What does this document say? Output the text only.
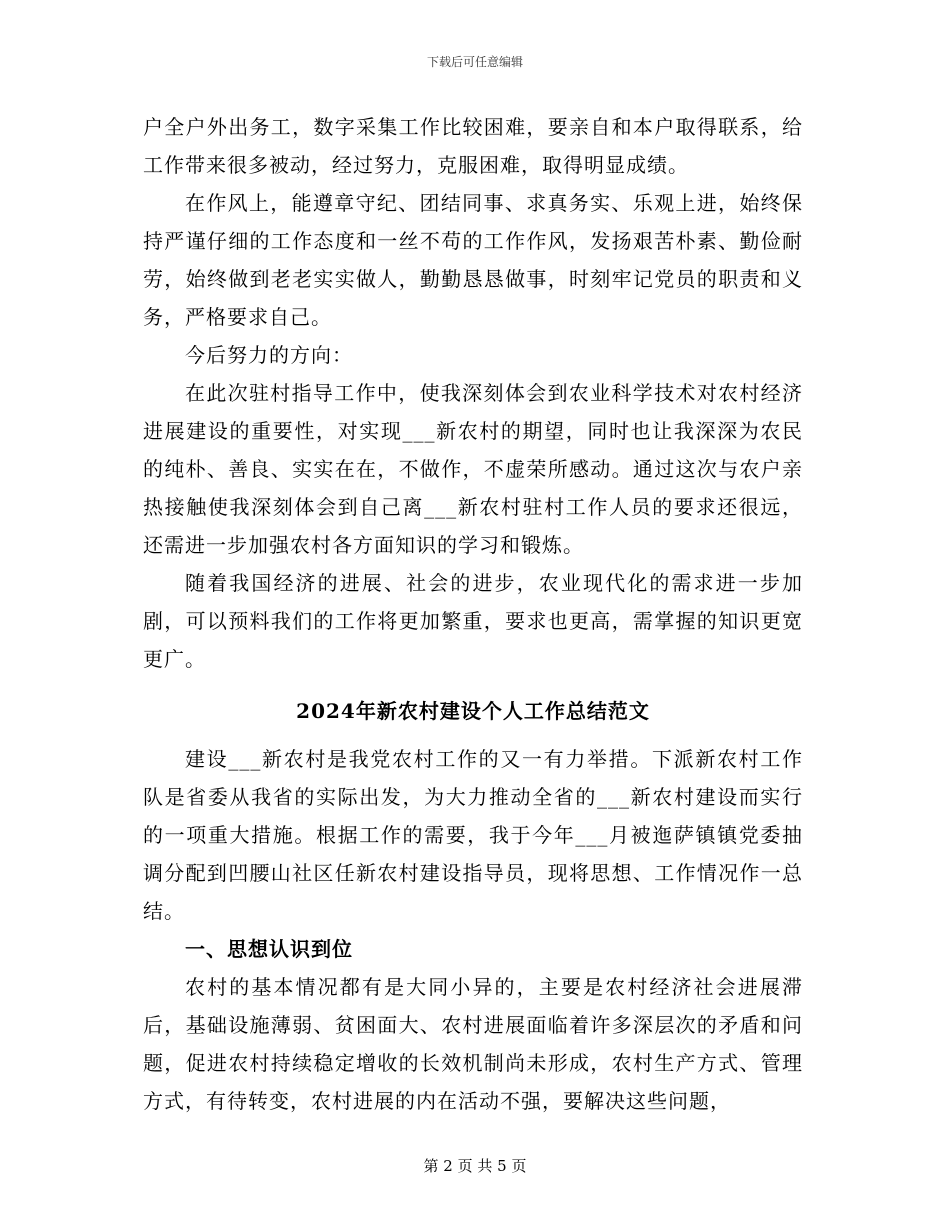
下载后可任意编辑

户全户外出务工，数字采集工作比较困难，要亲自和本户取得联系，给工作带来很多被动，经过努力，克服困难，取得明显成绩。

在作风上，能遵章守纪、团结同事、求真务实、乐观上进，始终保持严谨仔细的工作态度和一丝不苟的工作作风，发扬艰苦朴素、勤俭耐劳，始终做到老老实实做人，勤勤恳恳做事，时刻牢记党员的职责和义务，严格要求自己。

今后努力的方向：

在此次驻村指导工作中，使我深刻体会到农业科学技术对农村经济进展建设的重要性，对实现___新农村的期望，同时也让我深深为农民的纯朴、善良、实实在在，不做作，不虚荣所感动。通过这次与农户亲热接触使我深刻体会到自己离___新农村驻村工作人员的要求还很远，还需进一步加强农村各方面知识的学习和锻炼。

随着我国经济的进展、社会的进步，农业现代化的需求进一步加剧，可以预料我们的工作将更加繁重，要求也更高，需掌握的知识更宽更广。

2024年新农村建设个人工作总结范文

建设___新农村是我党农村工作的又一有力举措。下派新农村工作队是省委从我省的实际出发，为大力推动全省的___新农村建设而实行的一项重大措施。根据工作的需要，我于今年___月被迤萨镇镇党委抽调分配到凹腰山社区任新农村建设指导员，现将思想、工作情况作一总结。

一、思想认识到位

农村的基本情况都有是大同小异的，主要是农村经济社会进展滞后，基础设施薄弱、贫困面大、农村进展面临着许多深层次的矛盾和问题，促进农村持续稳定增收的长效机制尚未形成，农村生产方式、管理方式，有待转变，农村进展的内在活动不强，要解决这些问题，

第 2 页 共 5 页
